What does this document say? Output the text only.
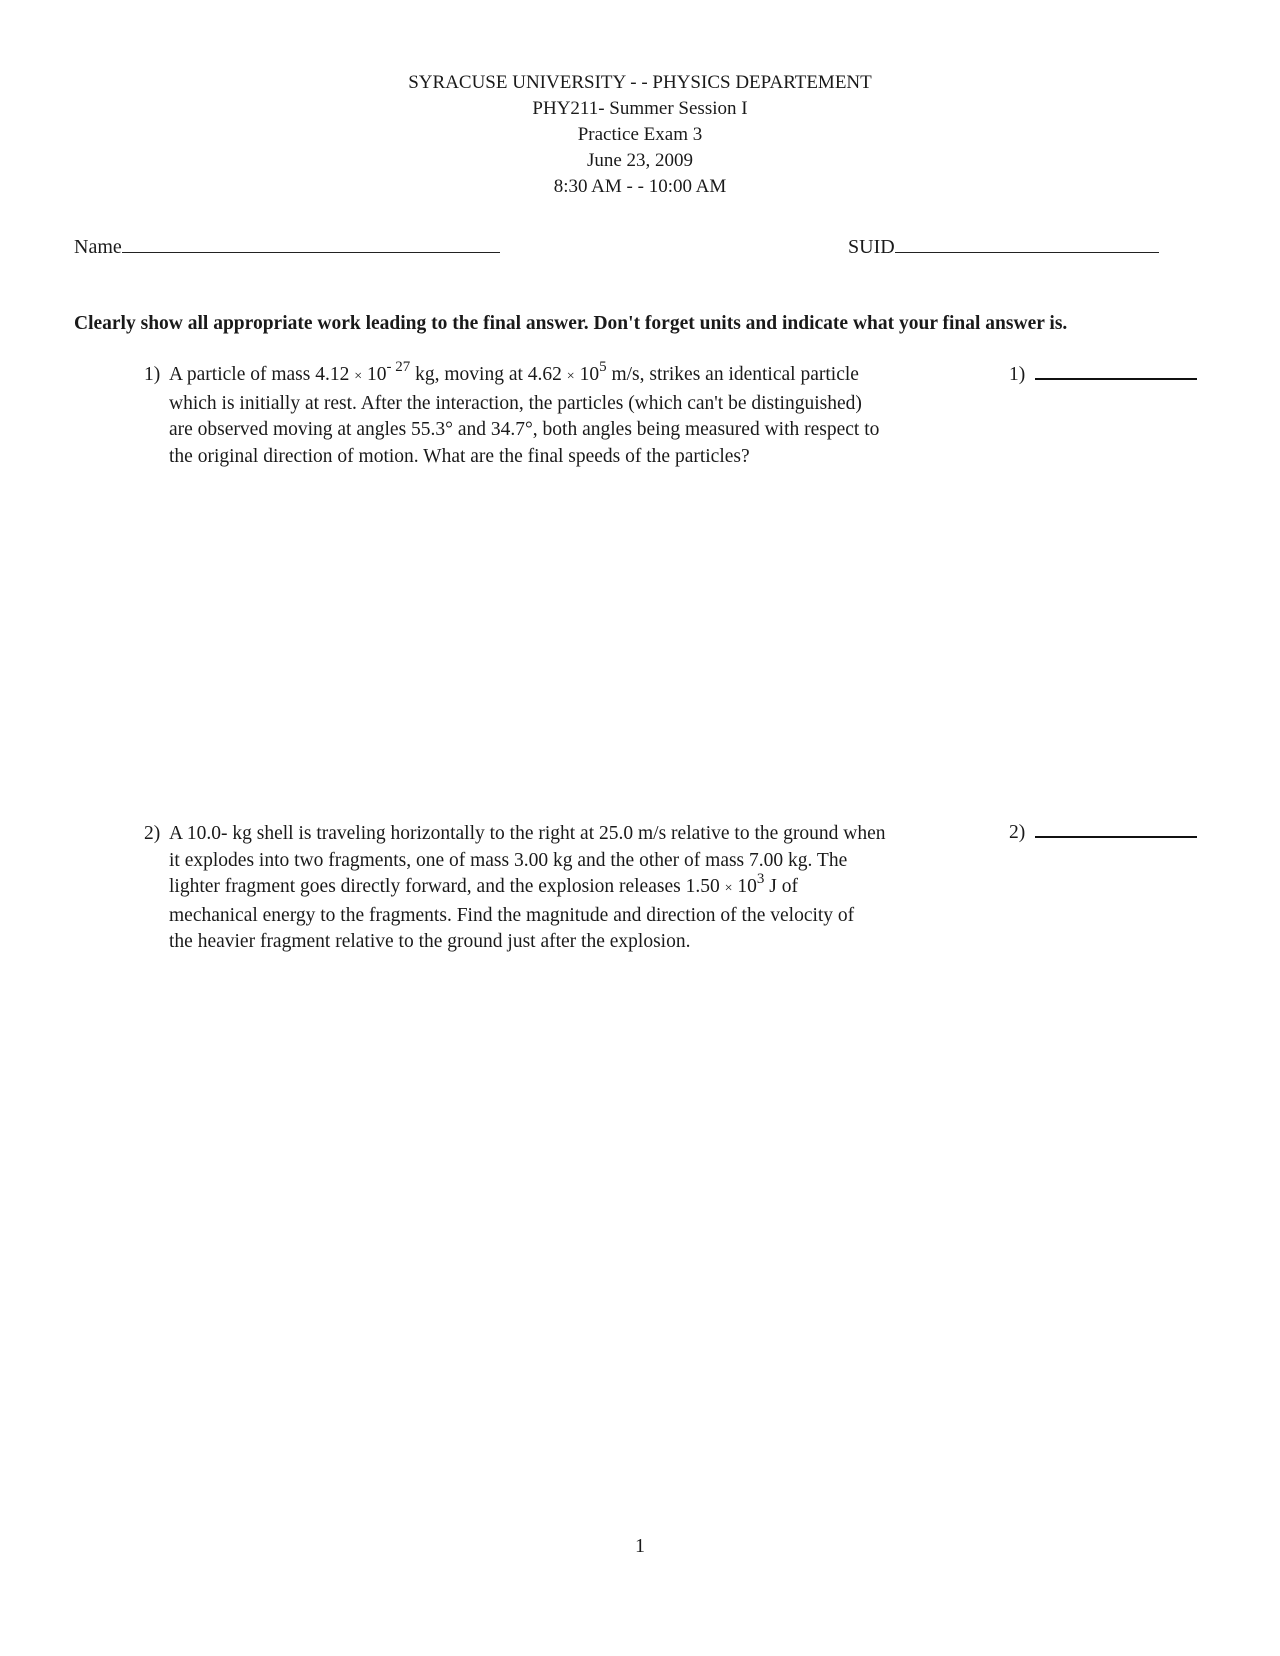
SYRACUSE UNIVERSITY - - PHYSICS DEPARTEMENT
PHY211- Summer Session I
Practice Exam 3
June 23, 2009
8:30 AM - - 10:00 AM
Name	SUID
Clearly show all appropriate work leading to the final answer. Don't forget units and indicate what your final answer is.
1) A particle of mass $4.12 \times 10^{- 27}$ kg, moving at $4.62 \times 10^5$ m/s, strikes an identical particle
which is initially at rest. After the interaction, the particles (which can't be distinguished)
are observed moving at angles 55.3° and 34.7°, both angles being measured with respect to
the original direction of motion. What are the final speeds of the particles?
1)
2) A 10.0- kg shell is traveling horizontally to the right at 25.0 m/s relative to the ground when
it explodes into two fragments, one of mass 3.00 kg and the other of mass 7.00 kg. The
lighter fragment goes directly forward, and the explosion releases $1.50 \times 10^3$ J of
mechanical energy to the fragments. Find the magnitude and direction of the velocity of
the heavier fragment relative to the ground just after the explosion.
2)
1
